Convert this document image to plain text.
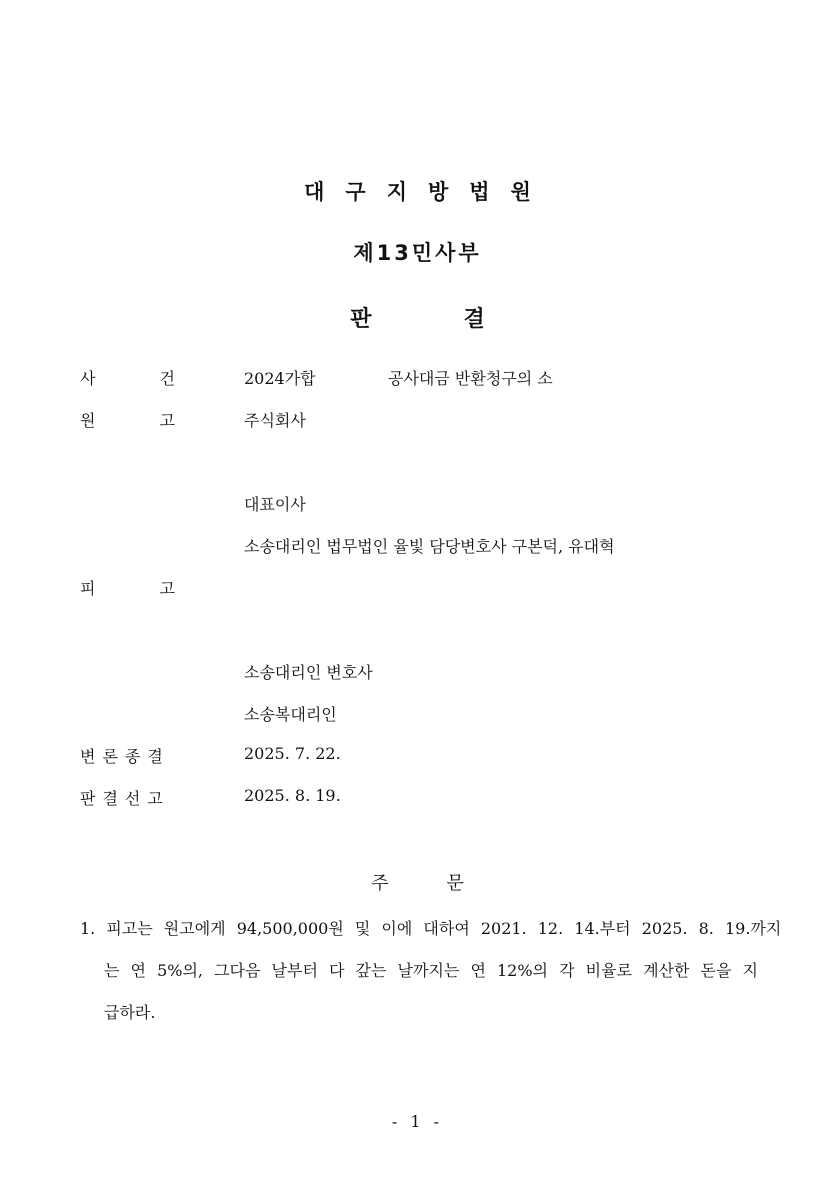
대구지방법원
제13민사부
판결
사건 2024가합	공사대금 반환청구의 소
원고 주식회사
대표이사
소송대리인 법무법인 율빛 담당변호사 구본덕, 유대혁
피고
소송대리인 변호사
소송복대리인
변론종결	2025. 7. 22.
판결선고	2025. 8. 19.
주문
1. 피고는 원고에게 94,500,000원 및 이에 대하여 2021. 12. 14.부터 2025. 8. 19.까지
는 연 5%의, 그다음 날부터 다 갚는 날까지는 연 12%의 각 비율로 계산한 돈을 지
급하라.
- 1 -
